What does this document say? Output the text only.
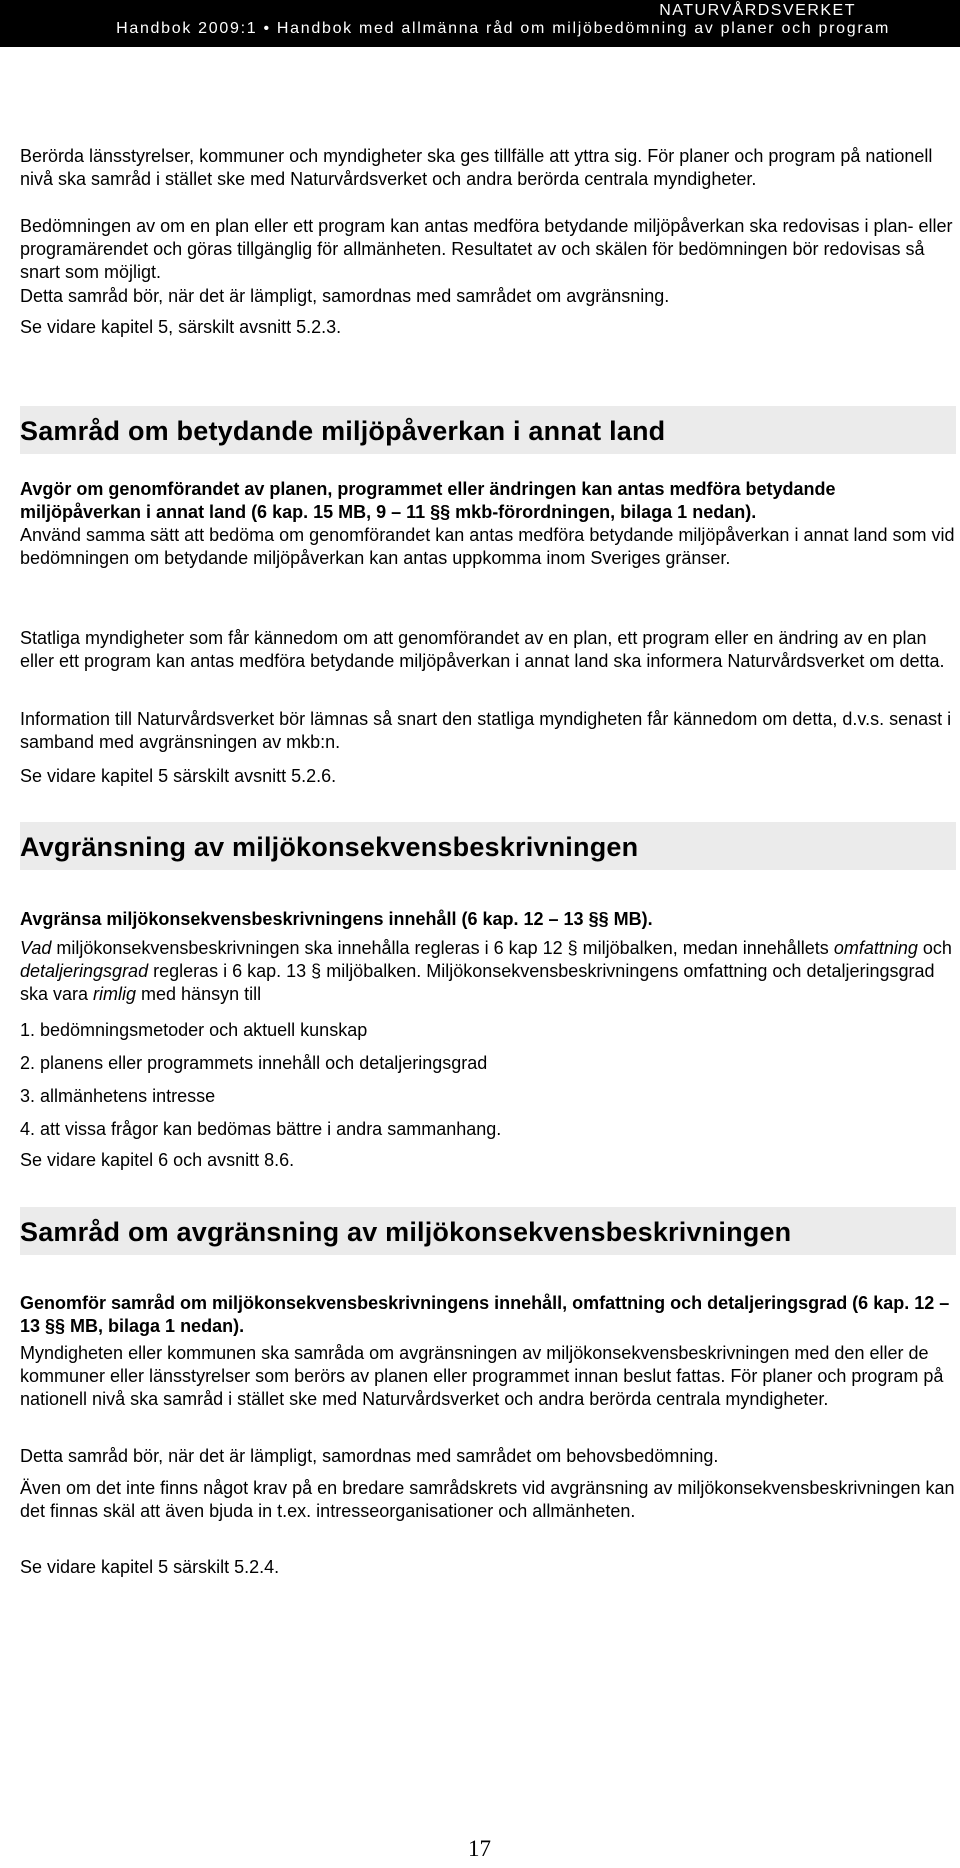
NATURVÅRDSVERKET
Handbok 2009:1 • Handbok med allmänna råd om miljöbedömning av planer och program

Berörda länsstyrelser, kommuner och myndigheter ska ges tillfälle att yttra sig. För planer och program på nationell nivå ska samråd i stället ske med Naturvårdsverket och andra berörda centrala myndigheter.

Bedömningen av om en plan eller ett program kan antas medföra betydande miljöpåverkan ska redovisas i plan- eller programärendet och göras tillgänglig för allmänheten. Resultatet av och skälen för bedömningen bör redovisas så snart som möjligt.

Detta samråd bör, när det är lämpligt, samordnas med samrådet om avgränsning.

Se vidare kapitel 5, särskilt avsnitt 5.2.3.

Samråd om betydande miljöpåverkan i annat land

Avgör om genomförandet av planen, programmet eller ändringen kan antas medföra betydande miljöpåverkan i annat land (6 kap. 15 MB, 9 – 11 §§ mkb-förordningen, bilaga 1 nedan).

Använd samma sätt att bedöma om genomförandet kan antas medföra betydande miljöpåverkan i annat land som vid bedömningen om betydande miljöpåverkan kan antas uppkomma inom Sveriges gränser.

Statliga myndigheter som får kännedom om att genomförandet av en plan, ett program eller en ändring av en plan eller ett program kan antas medföra betydande miljöpåverkan i annat land ska informera Naturvårdsverket om detta.

Information till Naturvårdsverket bör lämnas så snart den statliga myndigheten får kännedom om detta, d.v.s. senast i samband med avgränsningen av mkb:n.

Se vidare kapitel 5 särskilt avsnitt 5.2.6.

Avgränsning av miljökonsekvensbeskrivningen

Avgränsa miljökonsekvensbeskrivningens innehåll (6 kap. 12 – 13 §§ MB).

Vad miljökonsekvensbeskrivningen ska innehålla regleras i 6 kap 12 § miljöbalken, medan innehållets omfattning och detaljeringsgrad regleras i 6 kap. 13 § miljöbalken. Miljökonsekvensbeskrivningens omfattning och detaljeringsgrad ska vara rimlig med hänsyn till

1. bedömningsmetoder och aktuell kunskap

2. planens eller programmets innehåll och detaljeringsgrad

3. allmänhetens intresse

4. att vissa frågor kan bedömas bättre i andra sammanhang.

Se vidare kapitel 6 och avsnitt 8.6.

Samråd om avgränsning av miljökonsekvensbeskrivningen

Genomför samråd om miljökonsekvensbeskrivningens innehåll, omfattning och detaljeringsgrad (6 kap. 12 – 13 §§ MB, bilaga 1 nedan).

Myndigheten eller kommunen ska samråda om avgränsningen av miljökonsekvensbeskrivningen med den eller de kommuner eller länsstyrelser som berörs av planen eller programmet innan beslut fattas. För planer och program på nationell nivå ska samråd i stället ske med Naturvårdsverket och andra berörda centrala myndigheter.

Detta samråd bör, när det är lämpligt, samordnas med samrådet om behovsbedömning.

Även om det inte finns något krav på en bredare samrådskrets vid avgränsning av miljökonsekvensbeskrivningen kan det finnas skäl att även bjuda in t.ex. intresseorganisationer och allmänheten.

Se vidare kapitel 5 särskilt 5.2.4.

17
